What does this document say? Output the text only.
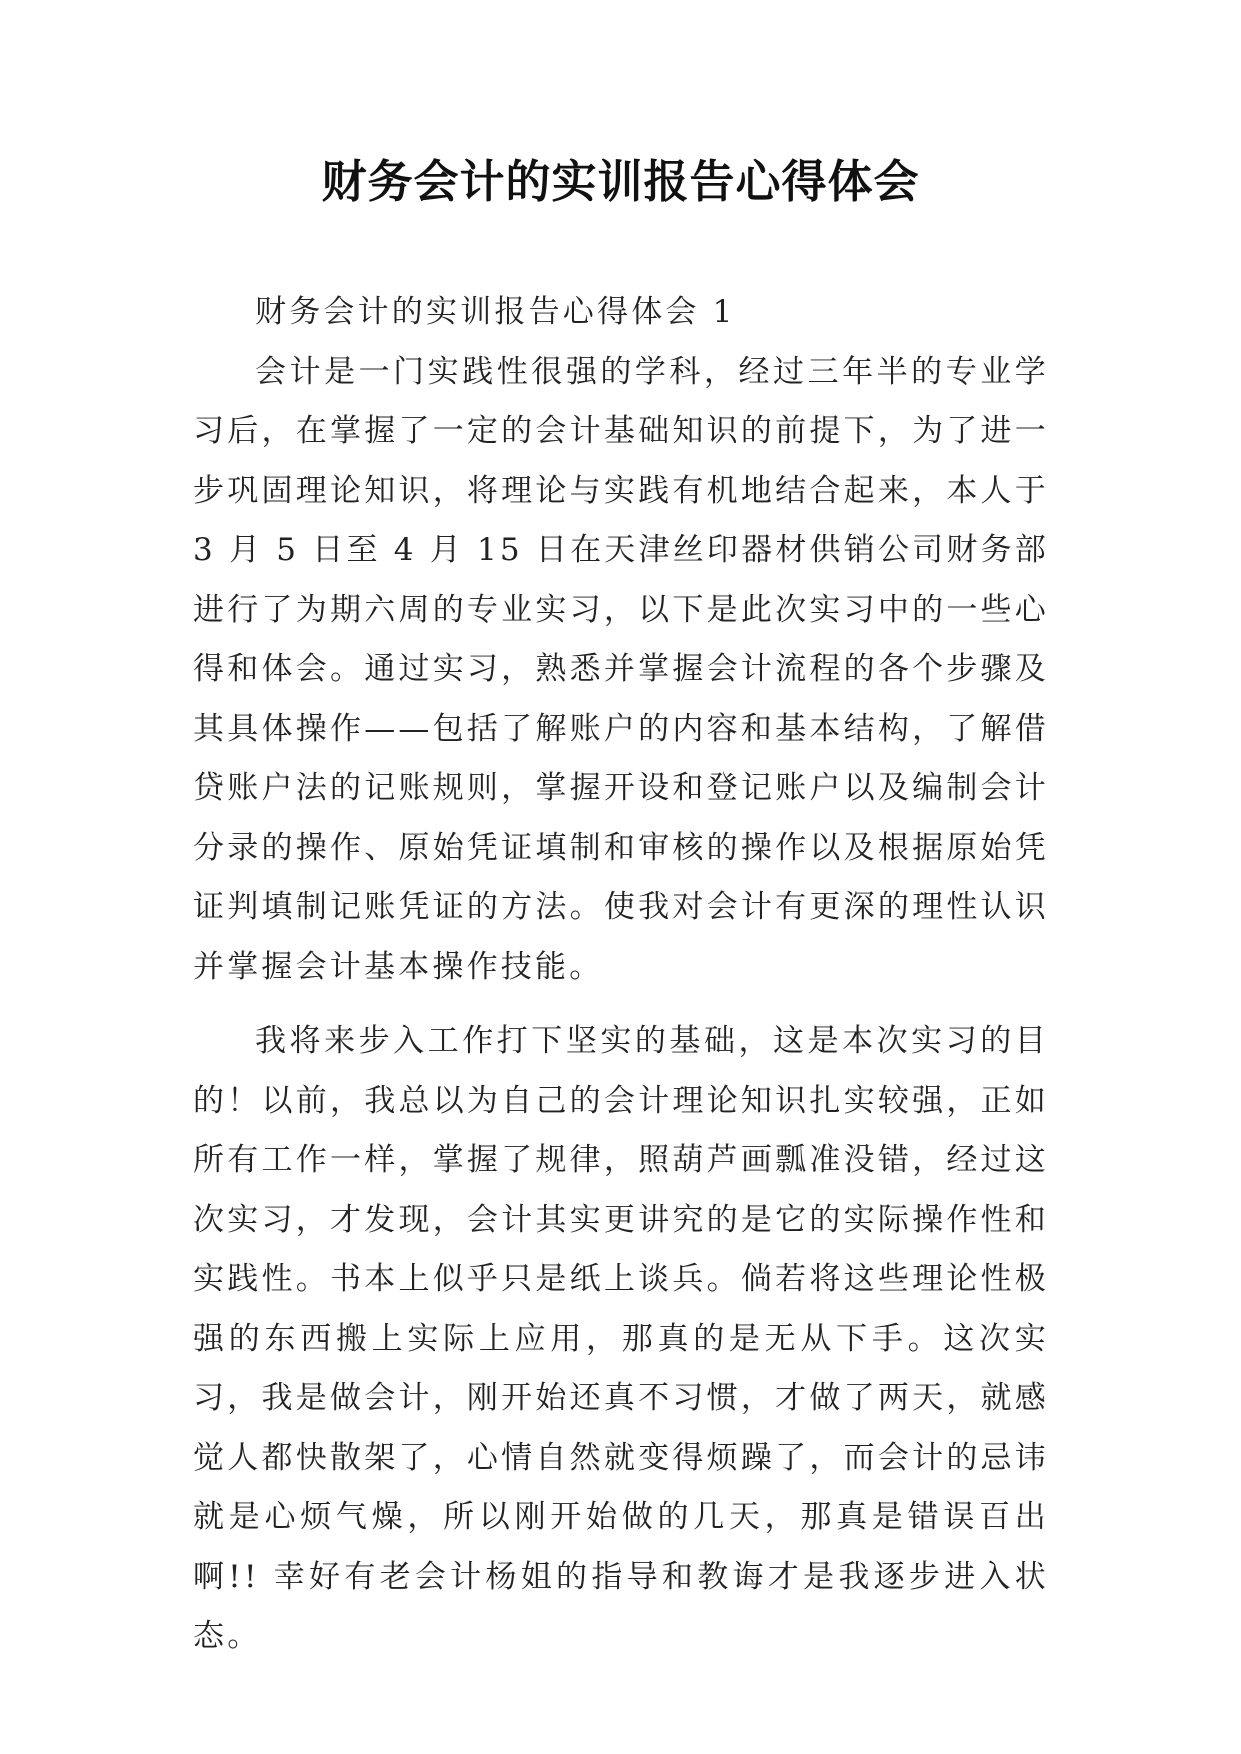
财务会计的实训报告心得体会

财务会计的实训报告心得体会 1

会计是一门实践性很强的学科，经过三年半的专业学习后，在掌握了一定的会计基础知识的前提下，为了进一步巩固理论知识，将理论与实践有机地结合起来，本人于 3 月 5 日至 4 月 15 日在天津丝印器材供销公司财务部进行了为期六周的专业实习，以下是此次实习中的一些心得和体会。通过实习，熟悉并掌握会计流程的各个步骤及其具体操作——包括了解账户的内容和基本结构，了解借贷账户法的记账规则，掌握开设和登记账户以及编制会计分录的操作、原始凭证填制和审核的操作以及根据原始凭证判填制记账凭证的方法。使我对会计有更深的理性认识并掌握会计基本操作技能。

我将来步入工作打下坚实的基础，这是本次实习的目的！以前，我总以为自己的会计理论知识扎实较强，正如所有工作一样，掌握了规律，照葫芦画瓢准没错，经过这次实习，才发现，会计其实更讲究的是它的实际操作性和实践性。书本上似乎只是纸上谈兵。倘若将这些理论性极强的东西搬上实际上应用，那真的是无从下手。这次实习，我是做会计，刚开始还真不习惯，才做了两天，就感觉人都快散架了，心情自然就变得烦躁了，而会计的忌讳就是心烦气燥，所以刚开始做的几天，那真是错误百出啊!! 幸好有老会计杨姐的指导和教诲才是我逐步进入状态。
